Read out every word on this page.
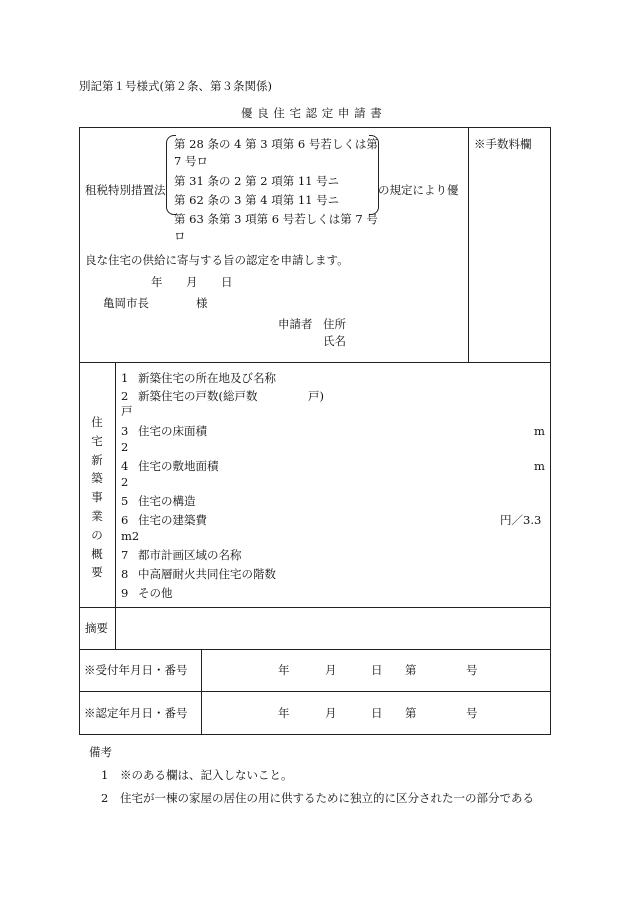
別記第１号様式(第２条、第３条関係)
優 良 住 宅 認 定 申 請 書
租税特別措置法
第 28 条の 4 第 3 項第 6 号若しくは第
7 号ロ
第 31 条の 2 第 2 項第 11 号ニ
第 62 条の 3 第 4 項第 11 号ニ
第 63 条第 3 項第 6 号若しくは第 7 号
ロ
の規定により優
良な住宅の供給に寄与する旨の認定を申請します。
年 月 日
亀岡市長	様
申請者 住所
氏名
※手数料欄
住宅新築事業の概要
1 新築住宅の所在地及び名称
2 新築住宅の戸数(総戸数	戸)
戸
3 住宅の床面積	m
2
4 住宅の敷地面積	m
2
5 住宅の構造
6 住宅の建築費	円／3.3
m2
7 都市計画区域の名称
8 中高層耐火共同住宅の階数
9 その他
摘要
※受付年月日・番号	年	月	日 第	号
※認定年月日・番号	年	月	日 第	号
備考
1 ※のある欄は、記入しないこと。
2 住宅が一棟の家屋の居住の用に供するために独立的に区分された一の部分である
